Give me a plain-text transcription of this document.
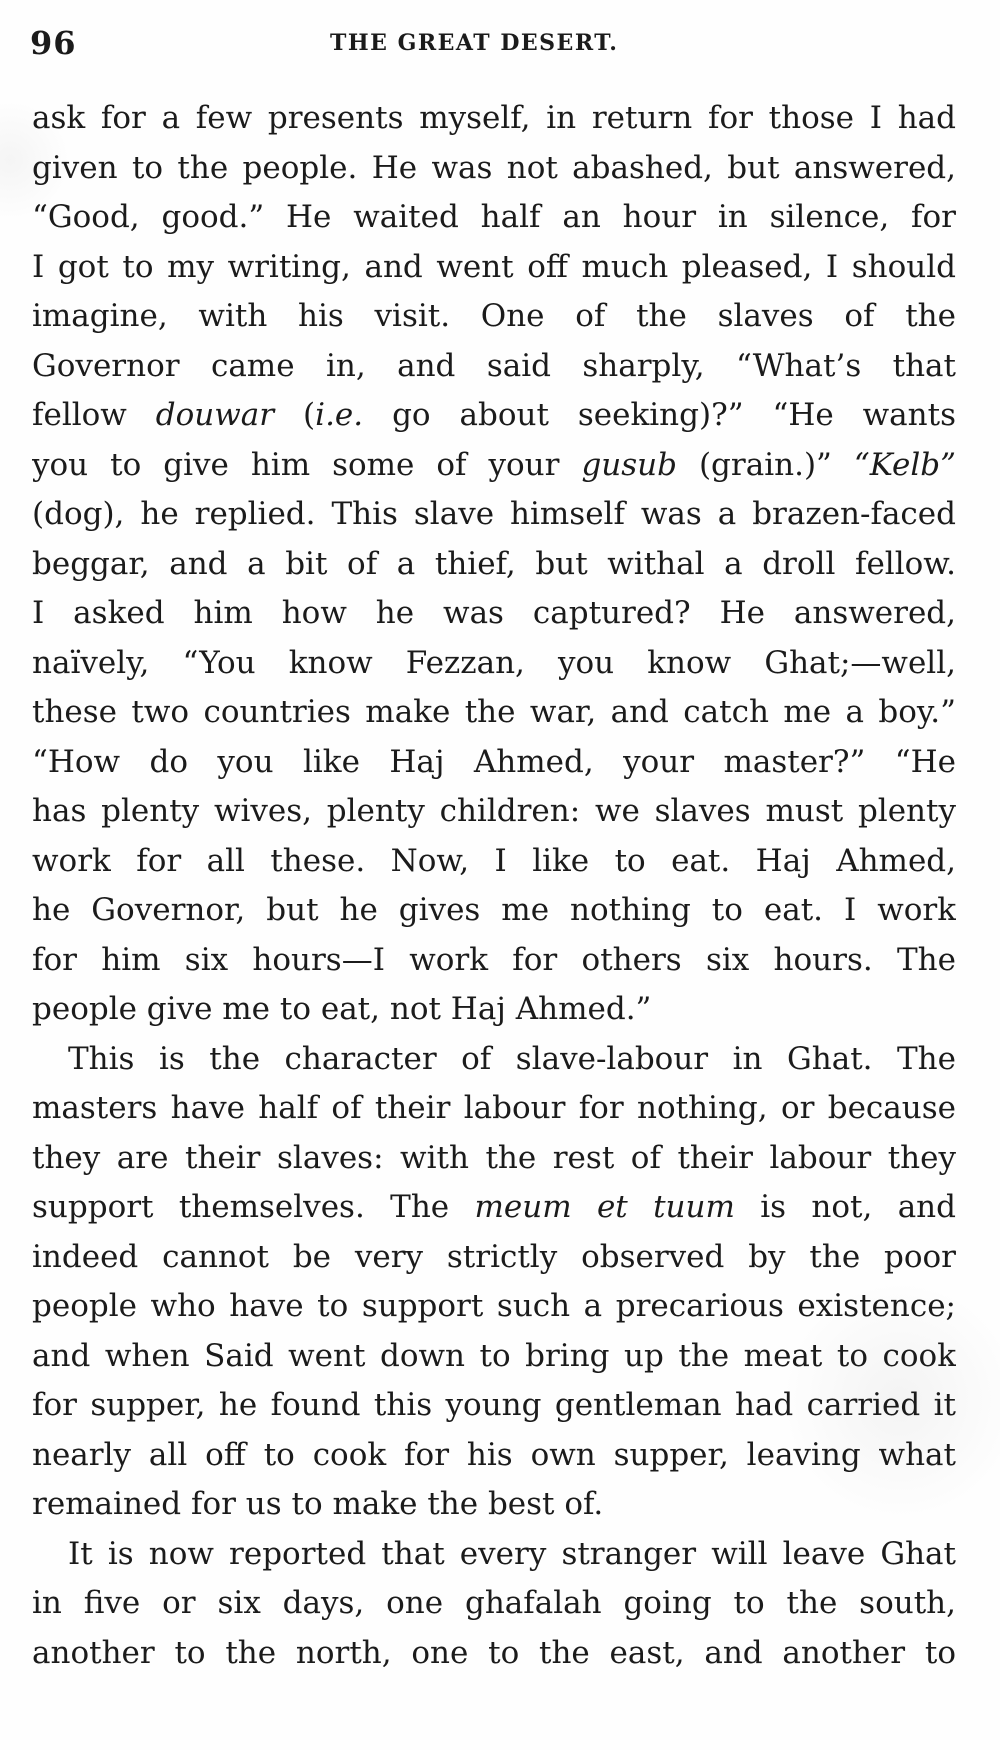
96	THE GREAT DESERT.
ask for a few presents myself, in return for those I had
given to the people. He was not abashed, but answered,
“Good, good.” He waited half an hour in silence, for
I got to my writing, and went off much pleased, I should
imagine, with his visit. One of the slaves of the
Governor came in, and said sharply, “What’s that
fellow douwar (i.e. go about seeking)?” “He wants
you to give him some of your gusub (grain.)” “Kelb”
(dog), he replied. This slave himself was a brazen-faced
beggar, and a bit of a thief, but withal a droll fellow.
I asked him how he was captured? He answered,
naïvely, “You know Fezzan, you know Ghat;—well,
these two countries make the war, and catch me a boy.”
“How do you like Haj Ahmed, your master?” “He
has plenty wives, plenty children: we slaves must plenty
work for all these. Now, I like to eat. Haj Ahmed,
he Governor, but he gives me nothing to eat. I work
for him six hours—I work for others six hours. The
people give me to eat, not Haj Ahmed.”
This is the character of slave-labour in Ghat. The
masters have half of their labour for nothing, or because
they are their slaves: with the rest of their labour they
support themselves. The meum et tuum is not, and
indeed cannot be very strictly observed by the poor
people who have to support such a precarious existence;
and when Said went down to bring up the meat to cook
for supper, he found this young gentleman had carried it
nearly all off to cook for his own supper, leaving what
remained for us to make the best of.
It is now reported that every stranger will leave Ghat
in five or six days, one ghafalah going to the south,
another to the north, one to the east, and another to
